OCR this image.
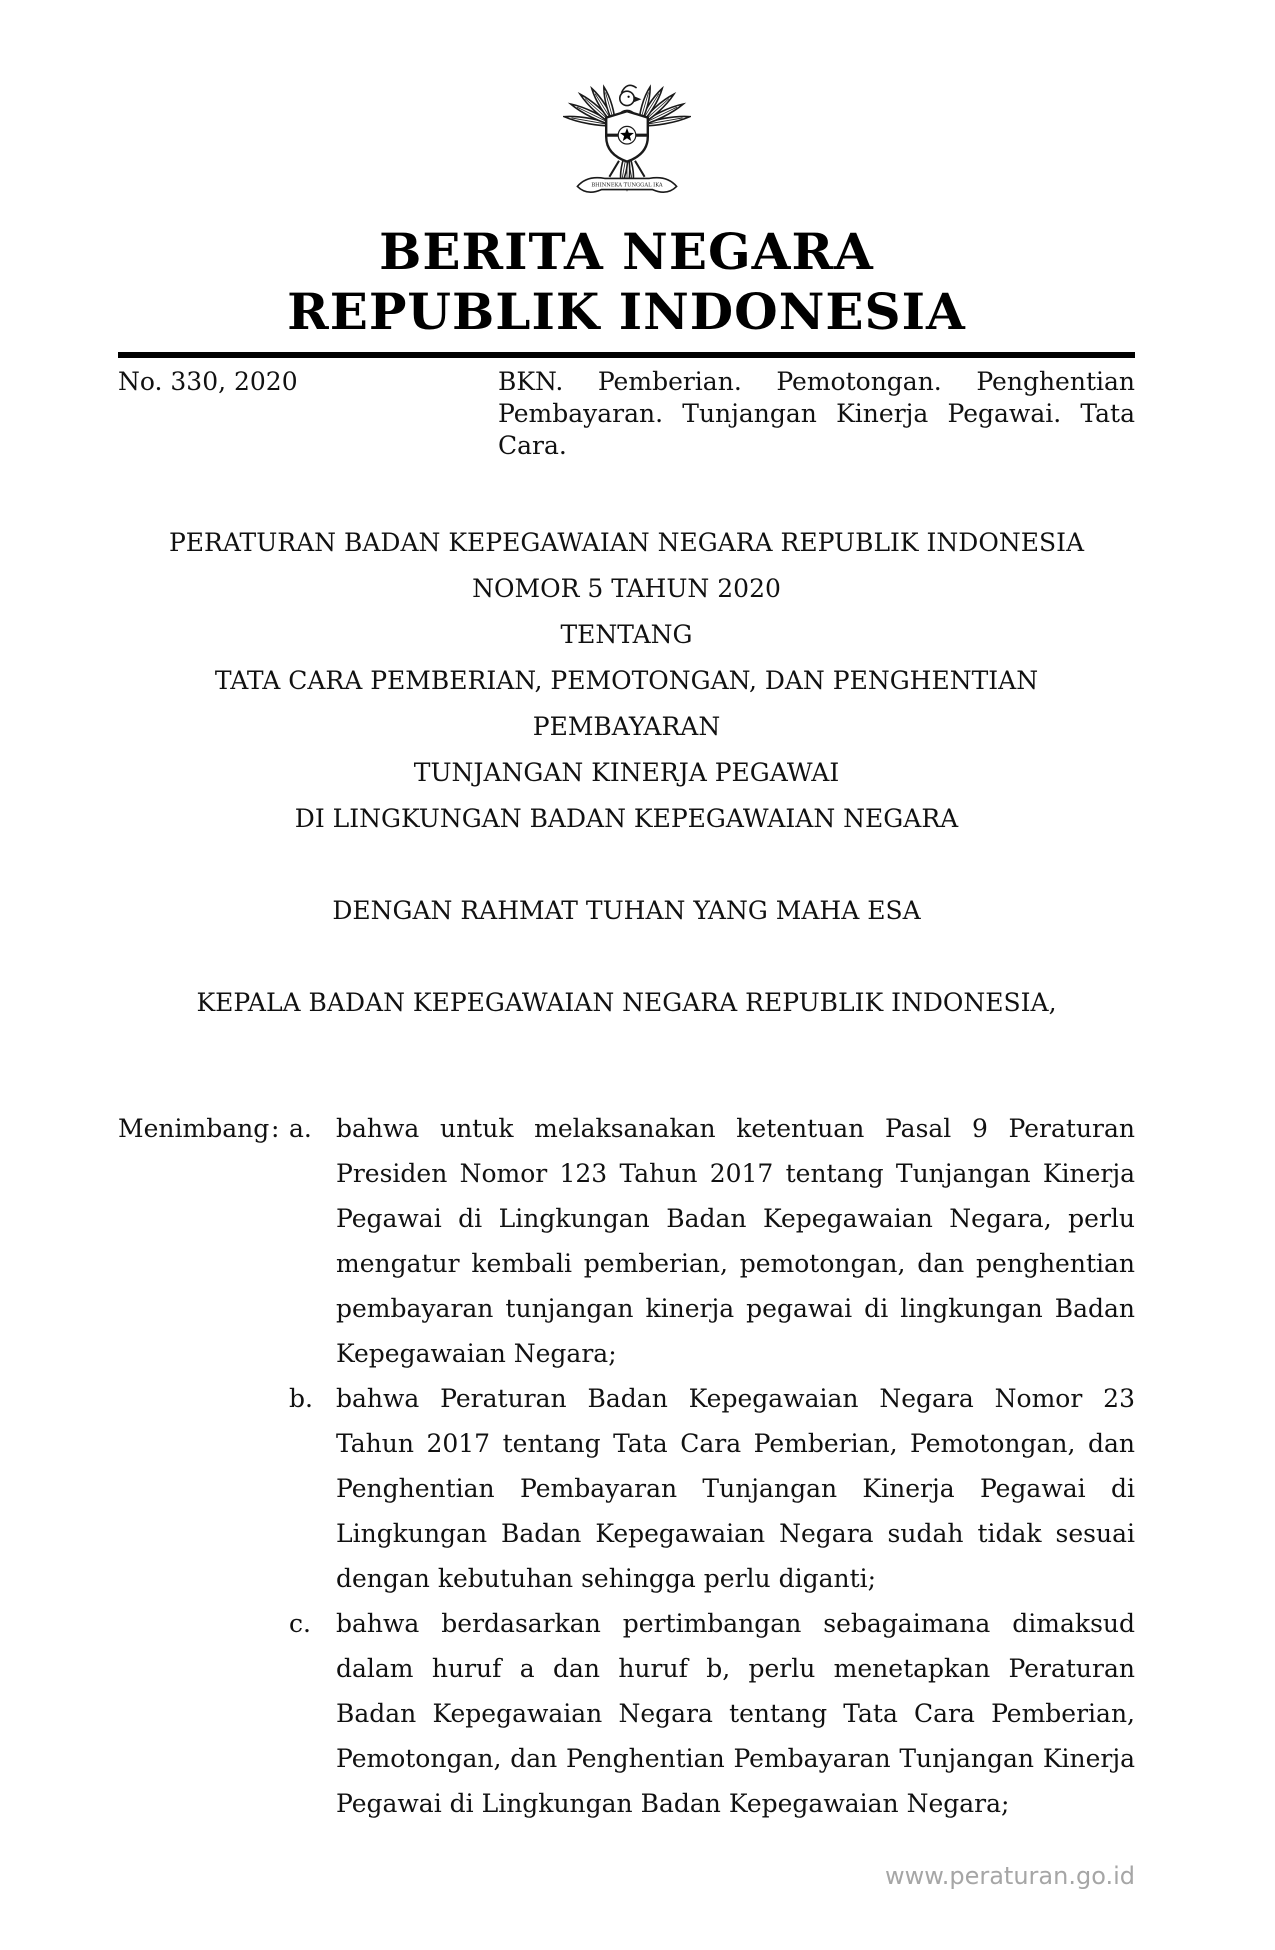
BHINNEKA TUNGGAL IKA
BERITA NEGARA
REPUBLIK INDONESIA
No. 330, 2020	BKN. Pemberian. Pemotongan. Penghentian Pembayaran. Tunjangan Kinerja Pegawai. Tata Cara.
PERATURAN BADAN KEPEGAWAIAN NEGARA REPUBLIK INDONESIA
NOMOR 5 TAHUN 2020
TENTANG
TATA CARA PEMBERIAN, PEMOTONGAN, DAN PENGHENTIAN PEMBAYARAN
TUNJANGAN KINERJA PEGAWAI
DI LINGKUNGAN BADAN KEPEGAWAIAN NEGARA
DENGAN RAHMAT TUHAN YANG MAHA ESA
KEPALA BADAN KEPEGAWAIAN NEGARA REPUBLIK INDONESIA,
Menimbang : a. bahwa untuk melaksanakan ketentuan Pasal 9 Peraturan Presiden Nomor 123 Tahun 2017 tentang Tunjangan Kinerja Pegawai di Lingkungan Badan Kepegawaian Negara, perlu mengatur kembali pemberian, pemotongan, dan penghentian pembayaran tunjangan kinerja pegawai di lingkungan Badan Kepegawaian Negara;
b. bahwa Peraturan Badan Kepegawaian Negara Nomor 23 Tahun 2017 tentang Tata Cara Pemberian, Pemotongan, dan Penghentian Pembayaran Tunjangan Kinerja Pegawai di Lingkungan Badan Kepegawaian Negara sudah tidak sesuai dengan kebutuhan sehingga perlu diganti;
c.	bahwa berdasarkan pertimbangan sebagaimana dimaksud dalam huruf a dan huruf b, perlu menetapkan Peraturan Badan Kepegawaian Negara tentang Tata Cara Pemberian, Pemotongan, dan Penghentian Pembayaran Tunjangan Kinerja Pegawai di Lingkungan Badan Kepegawaian Negara;
www.peraturan.go.id
